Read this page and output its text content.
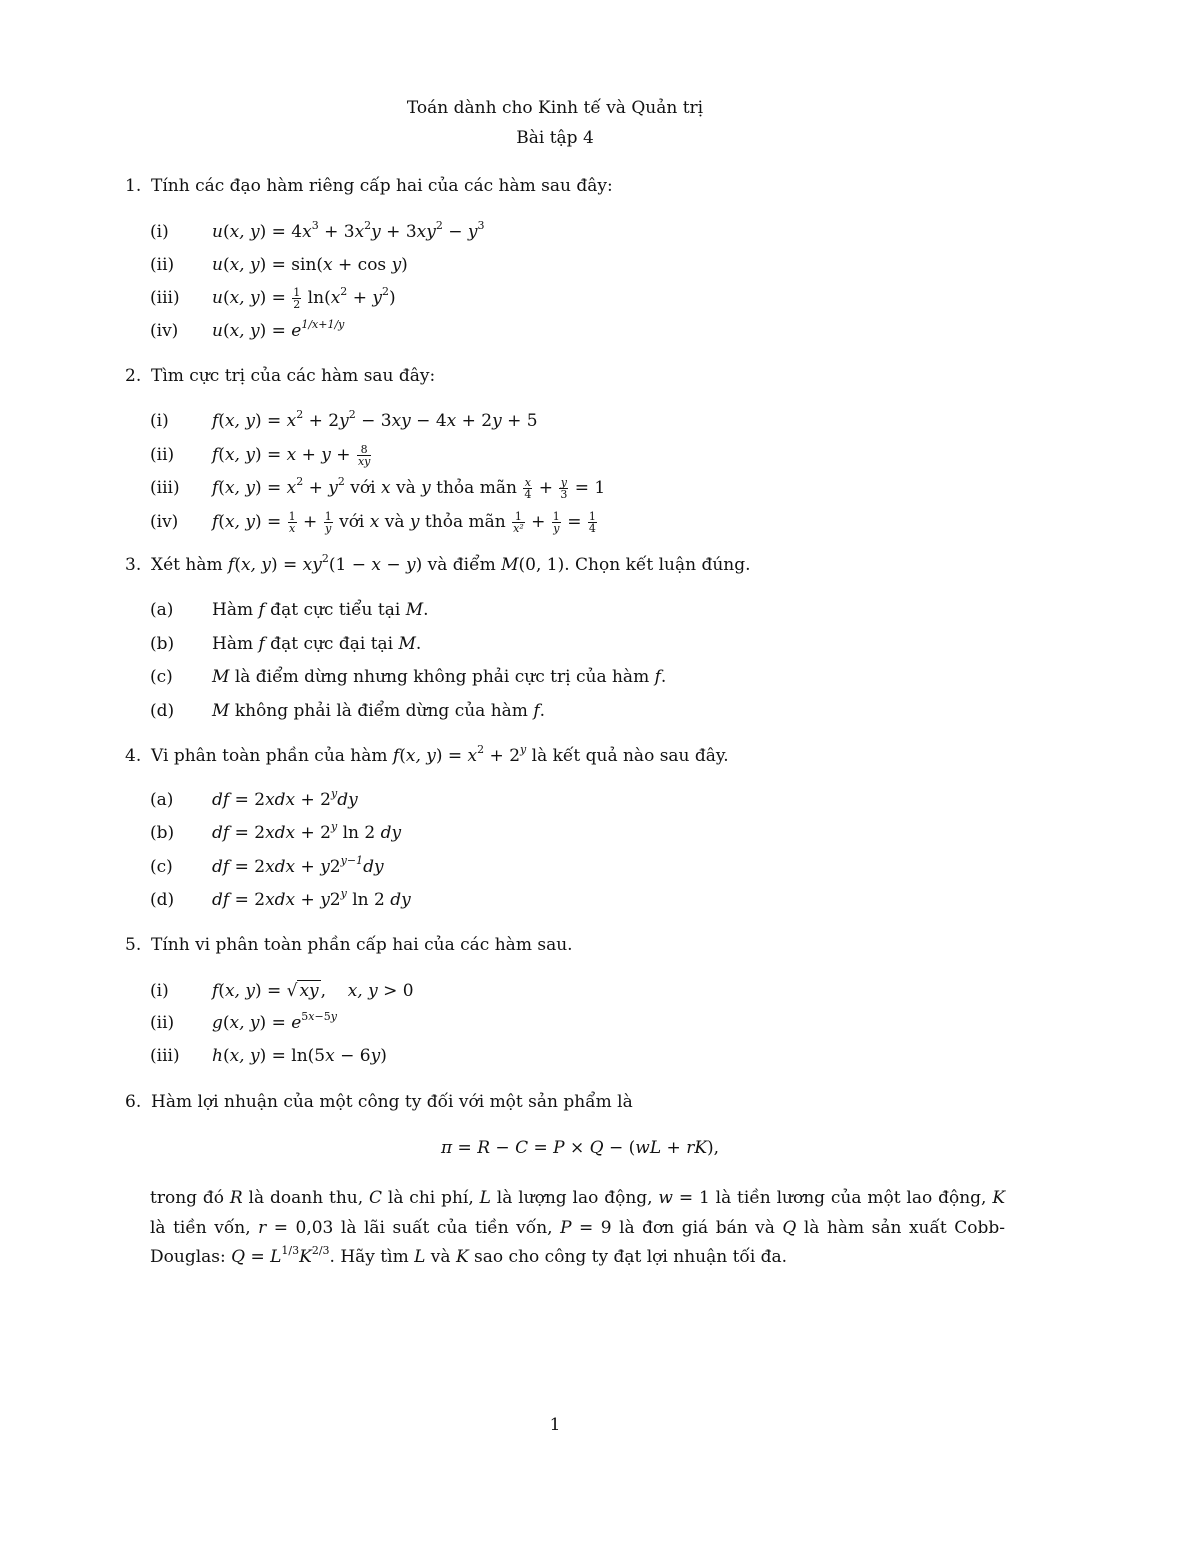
Toán dành cho Kinh tế và Quản trị
Bài tập 4
1. Tính các đạo hàm riêng cấp hai của các hàm sau đây:
(i)	u(x, $y) = 4x^3 + 3x^2y + 3xy^2 - y^3$
(ii) u(x, y) = sin(x + cos y)
(iii) u(x, $y) = \frac{1}{2} \ln(x^2 + y^2)$
(iv) u(x, $y) = e^{1/x+1/y}$
2. Tìm cực trị của các hàm sau đây:
(i)	f(x, $y) = x^2 + 2y^2 - 3xy - 4x + 2y + 5$
(ii) f(x, $y) = x + y + \frac{8}{xy}$
(iii) f(x, $y) = x^2 + y^2$ với x và y thỏa mãn $\frac{x}{4} + \frac{y}{3} = 1$
(iv) f(x, $y) = \frac{1}{x} + \frac{1}{y}$ với x và y thỏa mãn $\frac{1}{\text{x²}} + \frac{1}{y} = \frac{1}{4}$
3. Xét hàm f(x, $y) = xy^2(1 - x - y)$ và điểm M(0, 1). Chọn kết luận đúng.
(a) Hàm f đạt cực tiểu tại M.
(b) Hàm f đạt cực đại tại M.
(c) M là điểm dừng nhưng không phải cực trị của hàm f.
(d) M không phải là điểm dừng của hàm f.
4. Vi phân toàn phần của hàm f(x, $y) = x^2 + 2^y$ là kết quả nào sau đây.
(a) df = $2xdx + 2^ydy$
(b) df = $2xdx + 2^y$ ln 2 dy
(c) df = $2xdx + y2^{y-1}dy$
(d) df = $2xdx + y2^y$ ln 2 dy
5. Tính vi phân toàn phần cấp hai của các hàm sau.
(i)	f(x, y) = √ xy ,    x, y > 0
(ii) g(x, $y) = e^{5x-5y}$
(iii) h(x, y) = ln(5x − 6y)
6. Hàm lợi nhuận của một công ty đối với một sản phẩm là
π = R − C = P × Q − (wL + rK),
trong đó R là doanh thu, C là chi phí, L là lượng lao động, w = 1 là tiền lương của một lao động, K là tiền vốn, r = 0,03 là lãi suất của tiền vốn, P = 9 là đơn giá bán và Q là hàm sản xuất Cobb-Douglas: $Q = L^{1/3}K^{2/3}$. Hãy tìm L và K sao cho công ty đạt lợi nhuận tối đa.
1
